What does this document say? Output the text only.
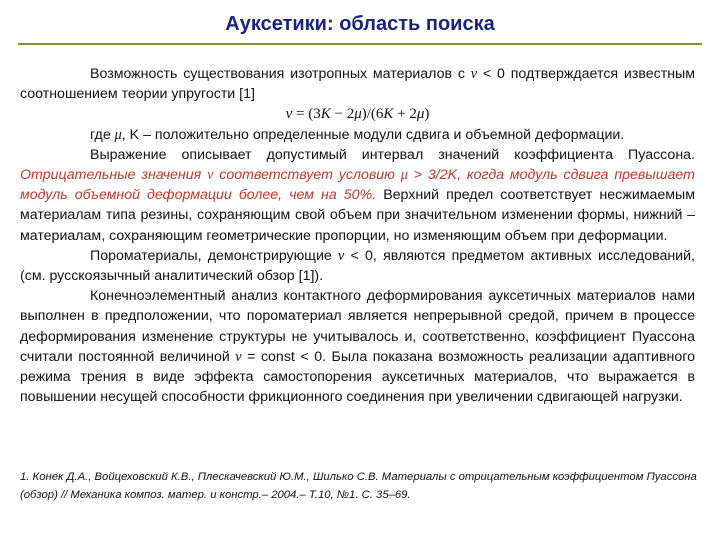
Ауксетики: область поиска

Возможность существования изотропных материалов с ν < 0 подтверждается известным соотношением теории упругости [1]

ν = (3K − 2μ)/(6K + 2μ)

где μ, K – положительно определенные модули сдвига и объемной деформации.

Выражение описывает допустимый интервал значений коэффициента Пуассона. Отрицательные значения ν соответствует условию μ > 3/2K, когда модуль сдвига превышает модуль объемной деформации более, чем на 50%. Верхний предел соответствует несжимаемым материалам типа резины, сохраняющим свой объем при значительном изменении формы, нижний – материалам, сохраняющим геометрические пропорции, но изменяющим объем при деформации.

Пороматериалы, демонстрирующие ν < 0, являются предметом активных исследований, (см. русскоязычный аналитический обзор [1]).

Конечноэлементный анализ контактного деформирования ауксетичных материалов нами выполнен в предположении, что пороматериал является непрерывной средой, причем в процессе деформирования изменение структуры не учитывалось и, соответственно, коэффициент Пуассона считали постоянной величиной ν = const < 0. Была показана возможность реализации адаптивного режима трения в виде эффекта самостопорения ауксетичных материалов, что выражается в повышении несущей способности фрикционного соединения при увеличении сдвигающей нагрузки.

1. Конек Д.А., Войцеховский К.В., Плескачевский Ю.М., Шилько С.В. Материалы с отрицательным коэффициентом Пуассона (обзор) // Механика композ. матер. и констр.– 2004.– Т.10, №1. С. 35–69.
